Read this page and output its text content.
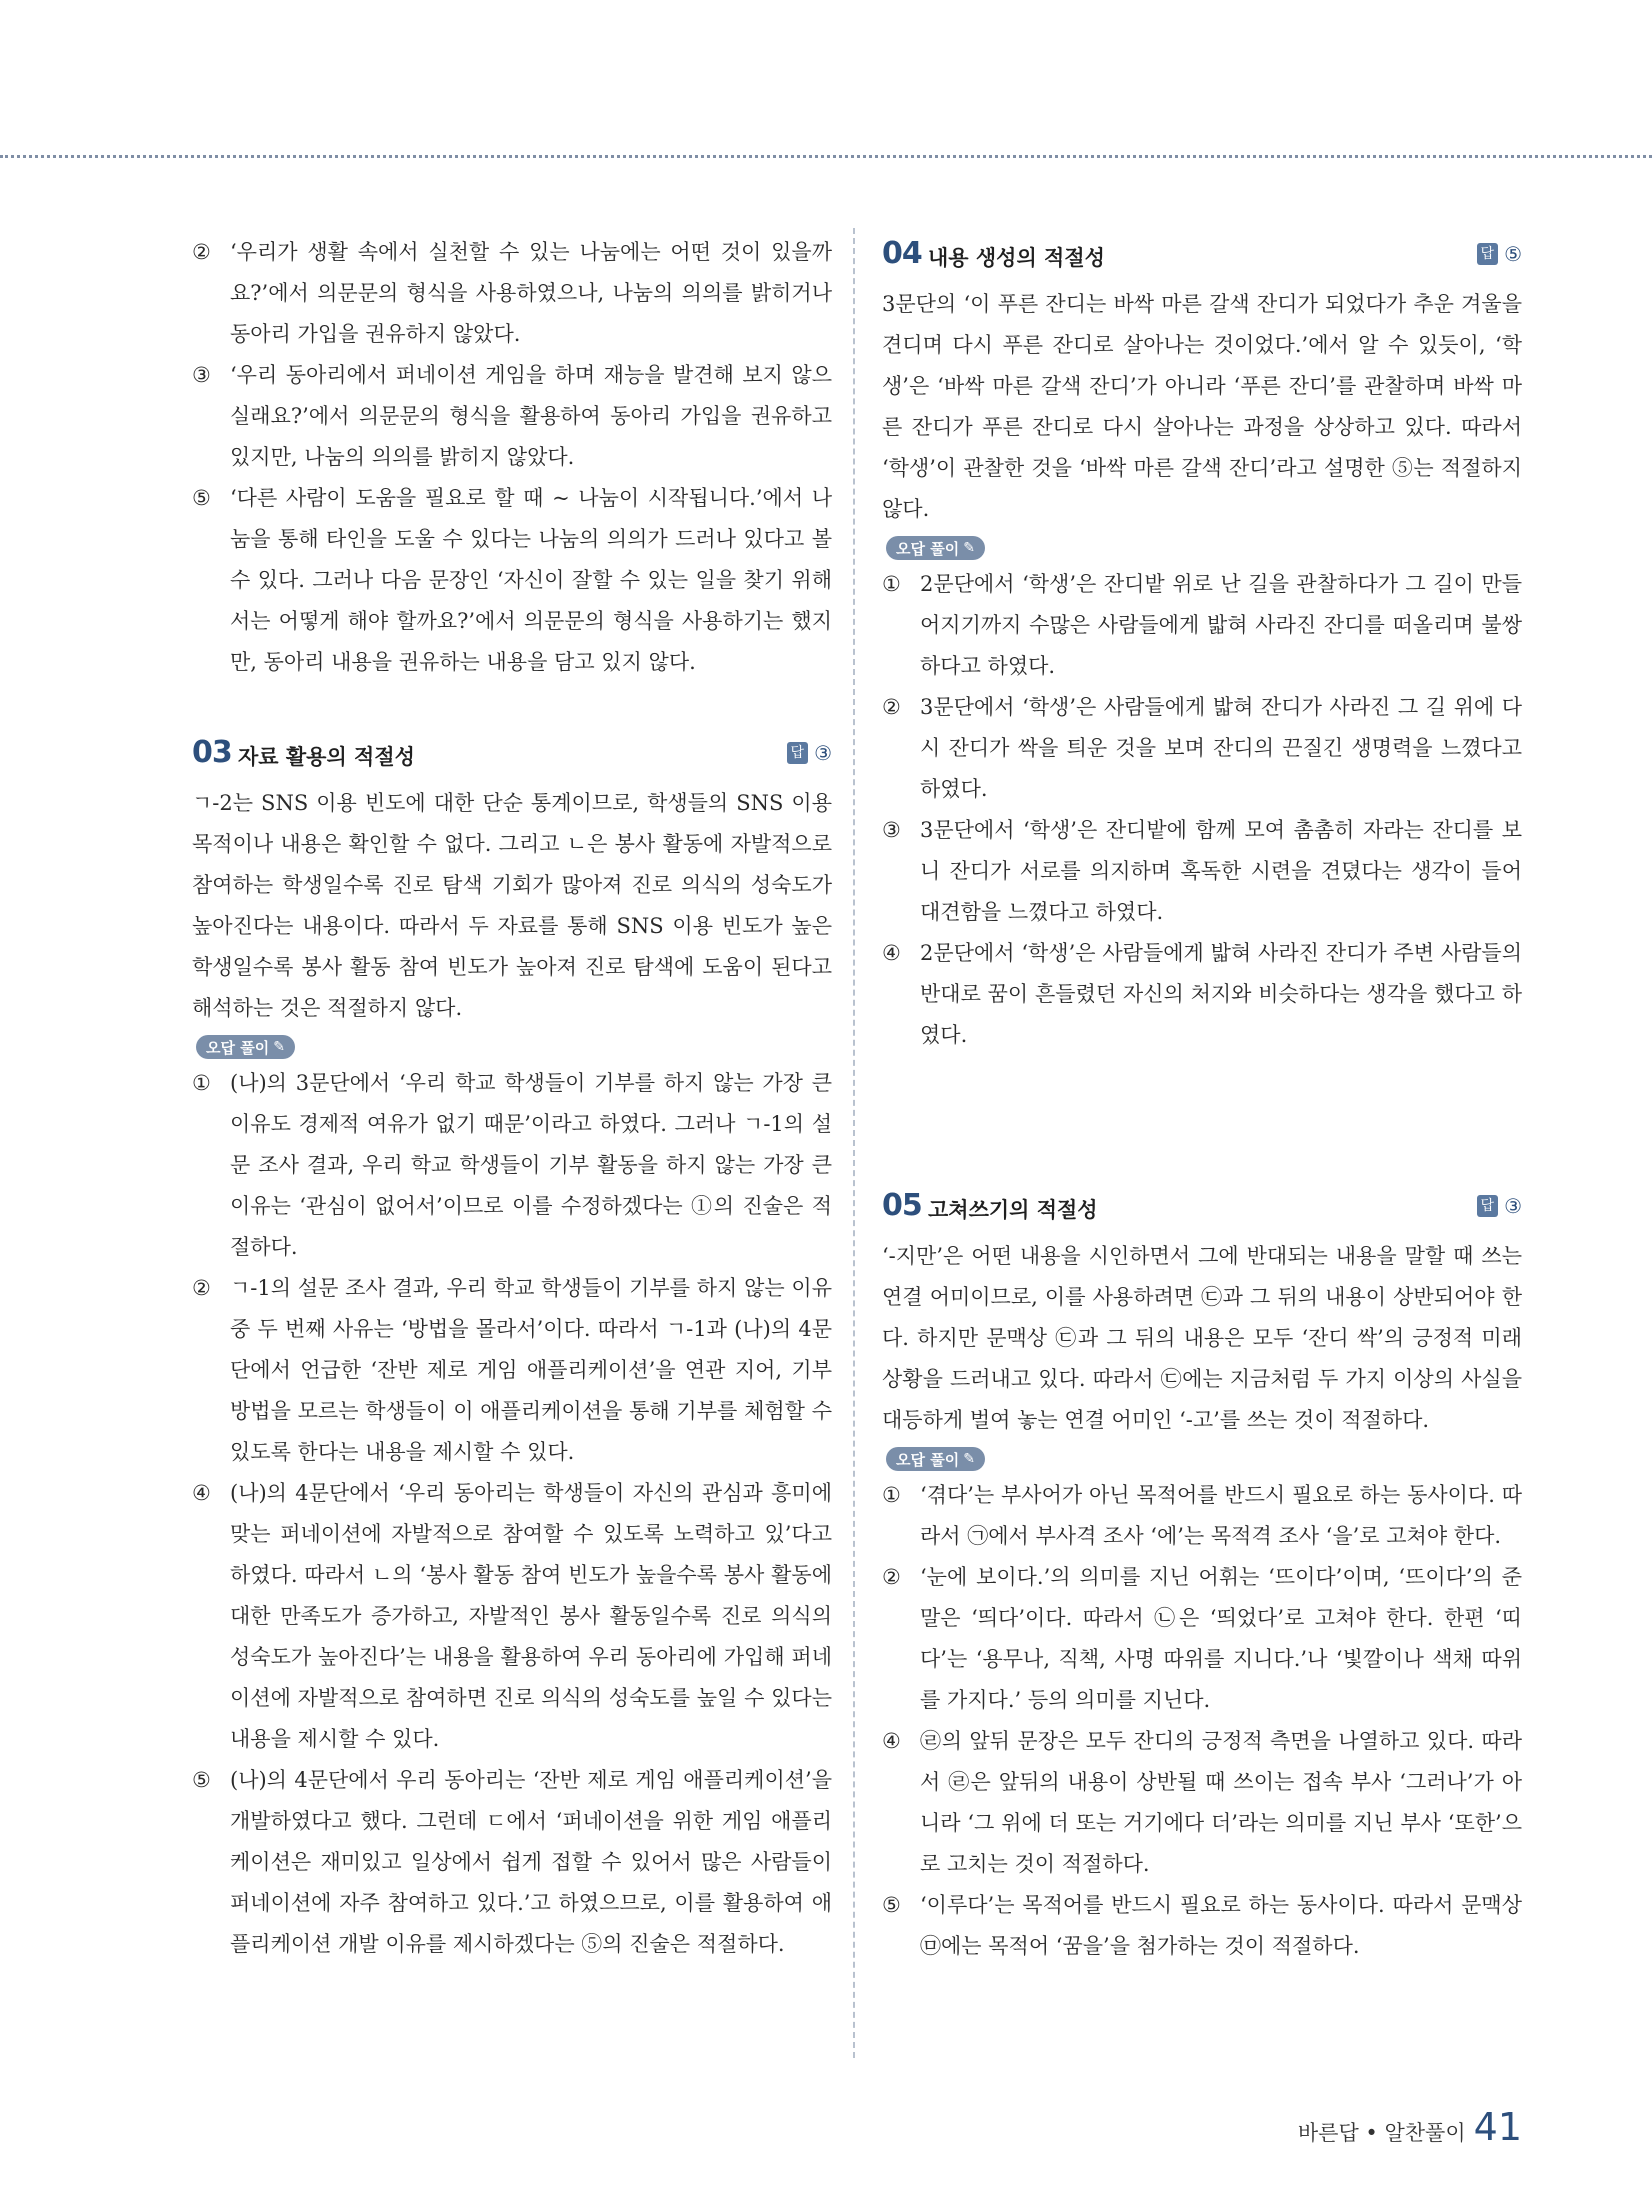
② ‘우리가 생활 속에서 실천할 수 있는 나눔에는 어떤 것이 있을까요?’에서 의문문의 형식을 사용하였으나, 나눔의 의의를 밝히거나 동아리 가입을 권유하지 않았다.
③ ‘우리 동아리에서 퍼네이션 게임을 하며 재능을 발견해 보지 않으실래요?’에서 의문문의 형식을 활용하여 동아리 가입을 권유하고 있지만, 나눔의 의의를 밝히지 않았다.
⑤ ‘다른 사람이 도움을 필요로 할 때 ~ 나눔이 시작됩니다.’에서 나눔을 통해 타인을 도울 수 있다는 나눔의 의의가 드러나 있다고 볼 수 있다. 그러나 다음 문장인 ‘자신이 잘할 수 있는 일을 찾기 위해서는 어떻게 해야 할까요?’에서 의문문의 형식을 사용하기는 했지만, 동아리 내용을 권유하는 내용을 담고 있지 않다.
03 자료 활용의 적절성	답 ③

ㄱ-2는 SNS 이용 빈도에 대한 단순 통계이므로, 학생들의 SNS 이용 목적이나 내용은 확인할 수 없다. 그리고 ㄴ은 봉사 활동에 자발적으로 참여하는 학생일수록 진로 탐색 기회가 많아져 진로 의식의 성숙도가 높아진다는 내용이다. 따라서 두 자료를 통해 SNS 이용 빈도가 높은 학생일수록 봉사 활동 참여 빈도가 높아져 진로 탐색에 도움이 된다고 해석하는 것은 적절하지 않다.

오답 풀이 ✎
① (나)의 3문단에서 ‘우리 학교 학생들이 기부를 하지 않는 가장 큰 이유도 경제적 여유가 없기 때문’이라고 하였다. 그러나 ㄱ-1의 설문 조사 결과, 우리 학교 학생들이 기부 활동을 하지 않는 가장 큰 이유는 ‘관심이 없어서’이므로 이를 수정하겠다는 ①의 진술은 적절하다.
② ㄱ-1의 설문 조사 결과, 우리 학교 학생들이 기부를 하지 않는 이유 중 두 번째 사유는 ‘방법을 몰라서’이다. 따라서 ㄱ-1과 (나)의 4문단에서 언급한 ‘잔반 제로 게임 애플리케이션’을 연관 지어, 기부 방법을 모르는 학생들이 이 애플리케이션을 통해 기부를 체험할 수 있도록 한다는 내용을 제시할 수 있다.
④ (나)의 4문단에서 ‘우리 동아리는 학생들이 자신의 관심과 흥미에 맞는 퍼네이션에 자발적으로 참여할 수 있도록 노력하고 있’다고 하였다. 따라서 ㄴ의 ‘봉사 활동 참여 빈도가 높을수록 봉사 활동에 대한 만족도가 증가하고, 자발적인 봉사 활동일수록 진로 의식의 성숙도가 높아진다’는 내용을 활용하여 우리 동아리에 가입해 퍼네이션에 자발적으로 참여하면 진로 의식의 성숙도를 높일 수 있다는 내용을 제시할 수 있다.
⑤ (나)의 4문단에서 우리 동아리는 ‘잔반 제로 게임 애플리케이션’을 개발하였다고 했다. 그런데 ㄷ에서 ‘퍼네이션을 위한 게임 애플리케이션은 재미있고 일상에서 쉽게 접할 수 있어서 많은 사람들이 퍼네이션에 자주 참여하고 있다.’고 하였으므로, 이를 활용하여 애플리케이션 개발 이유를 제시하겠다는 ⑤의 진술은 적절하다.
04 내용 생성의 적절성	답 ⑤

3문단의 ‘이 푸른 잔디는 바싹 마른 갈색 잔디가 되었다가 추운 겨울을 견디며 다시 푸른 잔디로 살아나는 것이었다.’에서 알 수 있듯이, ‘학생’은 ‘바싹 마른 갈색 잔디’가 아니라 ‘푸른 잔디’를 관찰하며 바싹 마른 잔디가 푸른 잔디로 다시 살아나는 과정을 상상하고 있다. 따라서 ‘학생’이 관찰한 것을 ‘바싹 마른 갈색 잔디’라고 설명한 ⑤는 적절하지 않다.

오답 풀이 ✎
① 2문단에서 ‘학생’은 잔디밭 위로 난 길을 관찰하다가 그 길이 만들어지기까지 수많은 사람들에게 밟혀 사라진 잔디를 떠올리며 불쌍하다고 하였다.
② 3문단에서 ‘학생’은 사람들에게 밟혀 잔디가 사라진 그 길 위에 다시 잔디가 싹을 틔운 것을 보며 잔디의 끈질긴 생명력을 느꼈다고 하였다.
③ 3문단에서 ‘학생’은 잔디밭에 함께 모여 촘촘히 자라는 잔디를 보니 잔디가 서로를 의지하며 혹독한 시련을 견뎠다는 생각이 들어 대견함을 느꼈다고 하였다.
④ 2문단에서 ‘학생’은 사람들에게 밟혀 사라진 잔디가 주변 사람들의 반대로 꿈이 흔들렸던 자신의 처지와 비슷하다는 생각을 했다고 하였다.
05 고쳐쓰기의 적절성	답 ③

‘-지만’은 어떤 내용을 시인하면서 그에 반대되는 내용을 말할 때 쓰는 연결 어미이므로, 이를 사용하려면 ㉢과 그 뒤의 내용이 상반되어야 한다. 하지만 문맥상 ㉢과 그 뒤의 내용은 모두 ‘잔디 싹’의 긍정적 미래 상황을 드러내고 있다. 따라서 ㉢에는 지금처럼 두 가지 이상의 사실을 대등하게 벌여 놓는 연결 어미인 ‘-고’를 쓰는 것이 적절하다.

오답 풀이 ✎
① ‘겪다’는 부사어가 아닌 목적어를 반드시 필요로 하는 동사이다. 따라서 ㉠에서 부사격 조사 ‘에’는 목적격 조사 ‘을’로 고쳐야 한다.
② ‘눈에 보이다.’의 의미를 지닌 어휘는 ‘뜨이다’이며, ‘뜨이다’의 준말은 ‘띄다’이다. 따라서 ㉡은 ‘띄었다’로 고쳐야 한다. 한편 ‘띠다’는 ‘용무나, 직책, 사명 따위를 지니다.’나 ‘빛깔이나 색채 따위를 가지다.’ 등의 의미를 지닌다.
④ ㉣의 앞뒤 문장은 모두 잔디의 긍정적 측면을 나열하고 있다. 따라서 ㉣은 앞뒤의 내용이 상반될 때 쓰이는 접속 부사 ‘그러나’가 아니라 ‘그 위에 더 또는 거기에다 더’라는 의미를 지닌 부사 ‘또한’으로 고치는 것이 적절하다.
⑤ ‘이루다’는 목적어를 반드시 필요로 하는 동사이다. 따라서 문맥상 ㉤에는 목적어 ‘꿈을’을 첨가하는 것이 적절하다.
바른답 • 알찬풀이 41
